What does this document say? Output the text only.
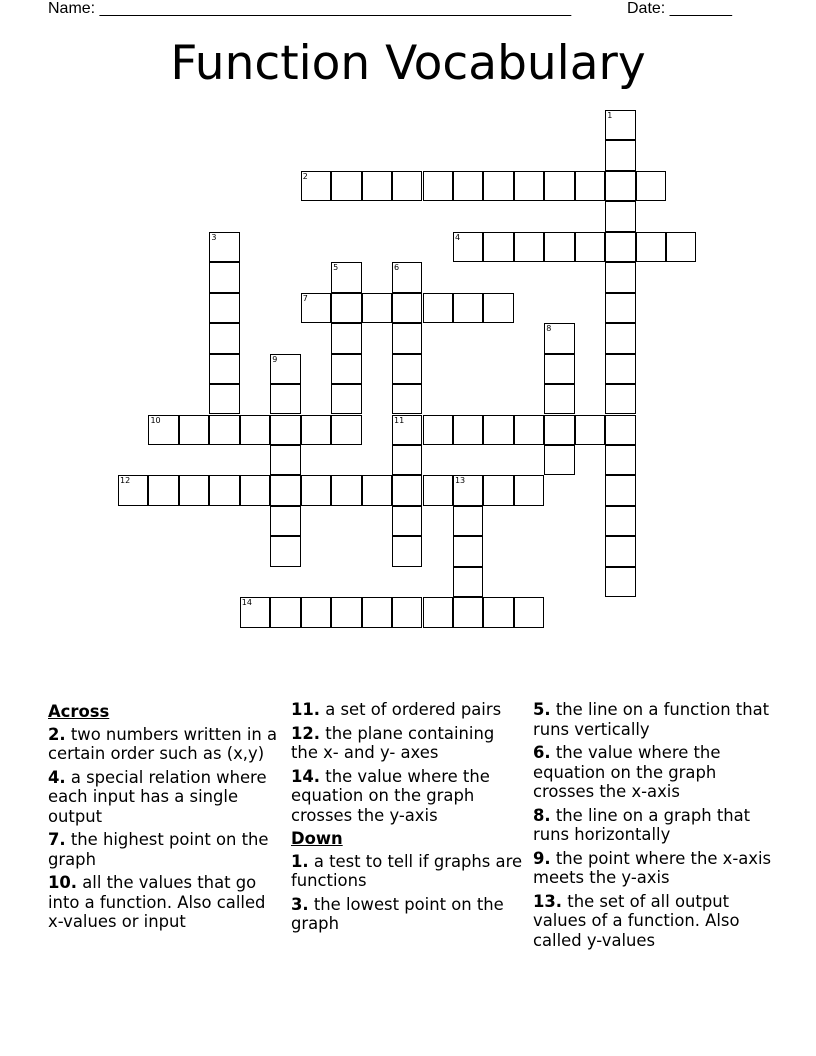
Name: _____________________________________________________	Date: _______
Function Vocabulary
1
2
3	4
5	6
11
7
8
9
10
12	13
14
Across
2. two numbers written in a certain order such as (x,y)
4. a special relation where each input has a single output
7. the highest point on the graph
10. all the values that go into a function. Also called x-values or input
11. a set of ordered pairs
12. the plane containing the x- and y- axes
14. the value where the equation on the graph crosses the y-axis
Down
1. a test to tell if graphs are functions
3. the lowest point on the graph
5. the line on a function that runs vertically
6. the value where the equation on the graph crosses the x-axis
8. the line on a graph that runs horizontally
9. the point where the x-axis meets the y-axis
13. the set of all output values of a function. Also called y-values
